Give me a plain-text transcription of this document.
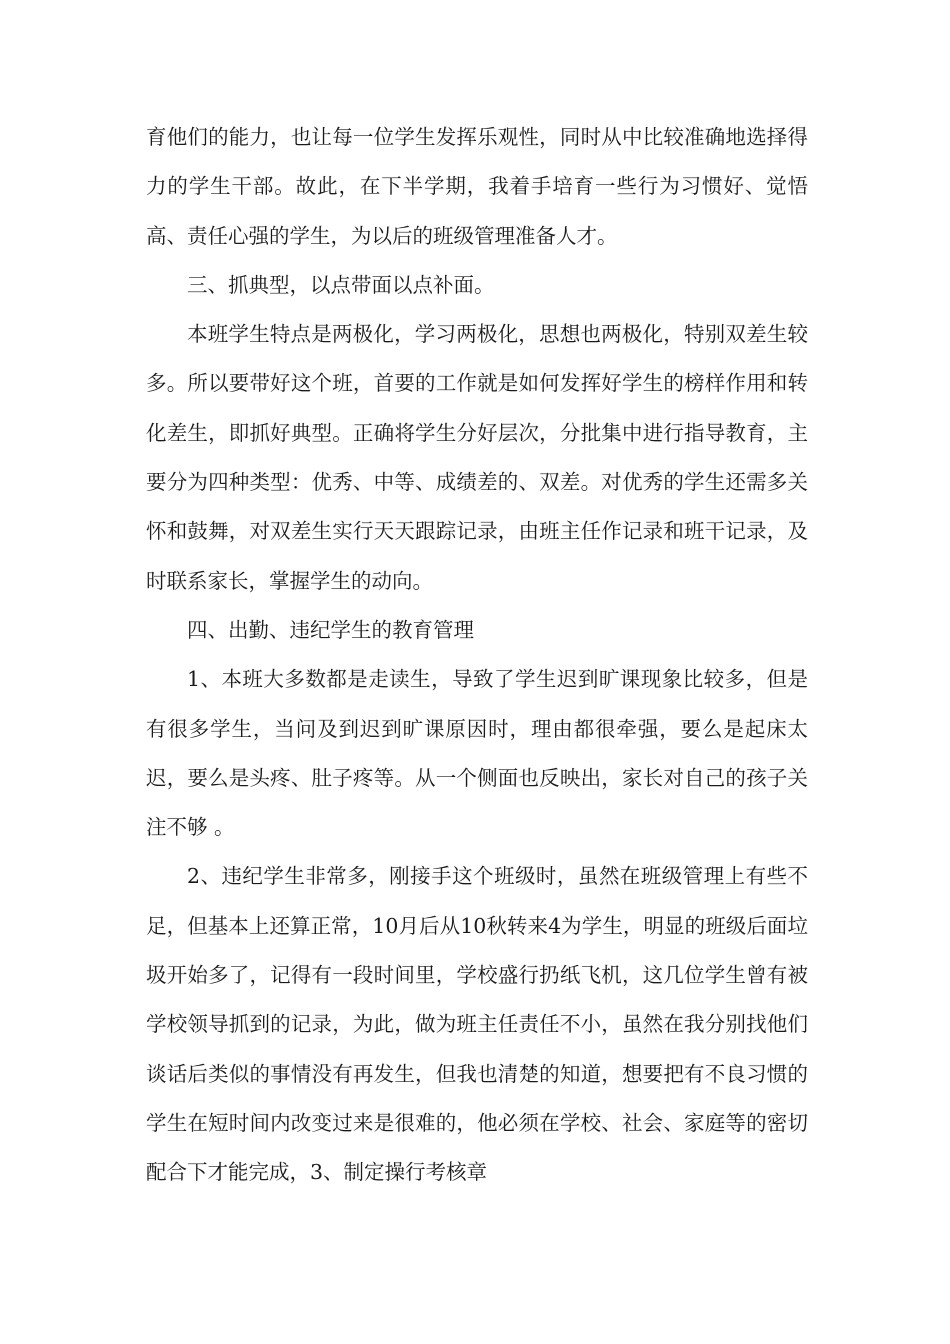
育他们的能力，也让每一位学生发挥乐观性，同时从中比较准确地选择得力的学生干部。故此，在下半学期，我着手培育一些行为习惯好、觉悟高、责任心强的学生，为以后的班级管理准备人才。

三、抓典型，以点带面以点补面。

本班学生特点是两极化，学习两极化，思想也两极化，特别双差生较多。所以要带好这个班，首要的工作就是如何发挥好学生的榜样作用和转化差生，即抓好典型。正确将学生分好层次，分批集中进行指导教育，主要分为四种类型：优秀、中等、成绩差的、双差。对优秀的学生还需多关怀和鼓舞，对双差生实行天天跟踪记录，由班主任作记录和班干记录，及时联系家长，掌握学生的动向。

四、出勤、违纪学生的教育管理

1、本班大多数都是走读生，导致了学生迟到旷课现象比较多，但是有很多学生，当问及到迟到旷课原因时，理由都很牵强，要么是起床太迟，要么是头疼、肚子疼等。从一个侧面也反映出，家长对自己的孩子关注不够 。

2、违纪学生非常多，刚接手这个班级时，虽然在班级管理上有些不足，但基本上还算正常，10月后从10秋转来4为学生，明显的班级后面垃圾开始多了，记得有一段时间里，学校盛行扔纸飞机，这几位学生曾有被学校领导抓到的记录，为此，做为班主任责任不小，虽然在我分别找他们谈话后类似的事情没有再发生，但我也清楚的知道，想要把有不良习惯的学生在短时间内改变过来是很难的，他必须在学校、社会、家庭等的密切配合下才能完成，3、制定操行考核章
